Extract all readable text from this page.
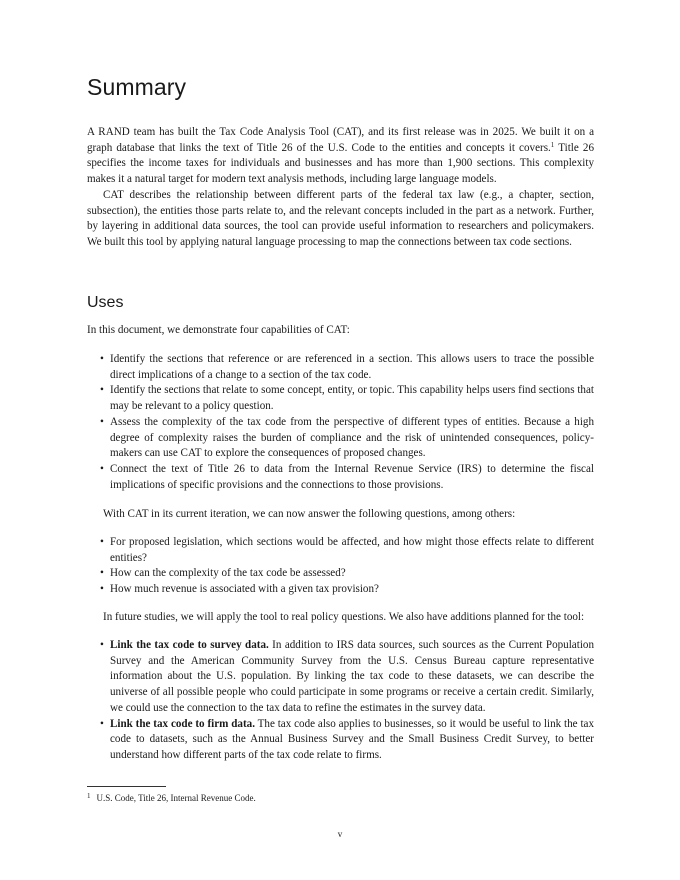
Summary

A RAND team has built the Tax Code Analysis Tool (CAT), and its first release was in 2025. We built it on a graph database that links the text of Title 26 of the U.S. Code to the entities and concepts it covers.$^1$ Title 26 specifies the income taxes for individuals and businesses and has more than 1,900 sections. This complexity makes it a natural target for modern text analysis methods, including large language models.

CAT describes the relationship between different parts of the federal tax law (e.g., a chapter, section, subsection), the entities those parts relate to, and the relevant concepts included in the part as a network. Further, by layering in additional data sources, the tool can provide useful information to researchers and policymakers. We built this tool by applying natural language processing to map the connections between tax code sections.

Uses

In this document, we demonstrate four capabilities of CAT:

• Identify the sections that reference or are referenced in a section. This allows users to trace the possible direct implications of a change to a section of the tax code.
• Identify the sections that relate to some concept, entity, or topic. This capability helps users find sections that may be relevant to a policy question.
• Assess the complexity of the tax code from the perspective of different types of entities. Because a high degree of complexity raises the burden of compliance and the risk of unintended consequences, policymakers can use CAT to explore the consequences of proposed changes.
• Connect the text of Title 26 to data from the Internal Revenue Service (IRS) to determine the fiscal implications of specific provisions and the connections to those provisions.

With CAT in its current iteration, we can now answer the following questions, among others:

• For proposed legislation, which sections would be affected, and how might those effects relate to different entities?
• How can the complexity of the tax code be assessed?
• How much revenue is associated with a given tax provision?

In future studies, we will apply the tool to real policy questions. We also have additions planned for the tool:

• Link the tax code to survey data. In addition to IRS data sources, such sources as the Current Population Survey and the American Community Survey from the U.S. Census Bureau capture representative information about the U.S. population. By linking the tax code to these datasets, we can describe the universe of all possible people who could participate in some programs or receive a certain credit. Similarly, we could use the connection to the tax data to refine the estimates in the survey data.
• Link the tax code to firm data. The tax code also applies to businesses, so it would be useful to link the tax code to datasets, such as the Annual Business Survey and the Small Business Credit Survey, to better understand how different parts of the tax code relate to firms.
$^1$ U.S. Code, Title 26, Internal Revenue Code.
v
